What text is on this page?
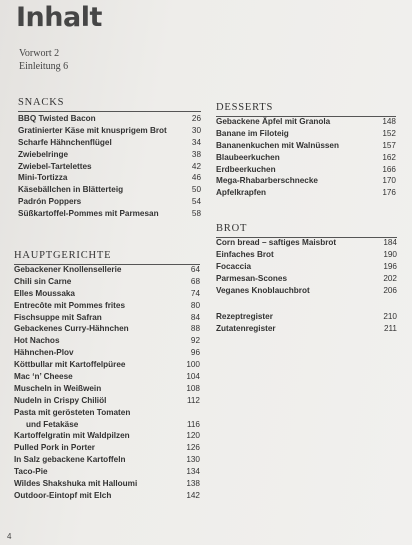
Inhalt
Vorwort 2
Einleitung 6
SNACKS
BBQ Twisted Bacon	26
Gratinierter Käse mit knusprigem Brot	30
Scharfe Hähnchenflügel	34
Zwiebelringe	38
Zwiebel-Tartelettes	42
Mini-Tortizza	46
Käsebällchen in Blätterteig	50
Padrón Poppers	54
Süßkartoffel-Pommes mit Parmesan	58
HAUPTGERICHTE
Gebackener Knollensellerie	64
Chili sin Carne	68
Elles Moussaka	74
Entrecôte mit Pommes frites	80
Fischsuppe mit Safran	84
Gebackenes Curry-Hähnchen	88
Hot Nachos	92
Hähnchen-Plov	96
Köttbullar mit Kartoffelpüree	100
Mac ‘n’ Cheese	104
Muscheln in Weißwein	108
Nudeln in Crispy Chiliöl	112
Pasta mit gerösteten Tomaten
und Fetakäse	116
Kartoffelgratin mit Waldpilzen	120
Pulled Pork in Porter	126
In Salz gebackene Kartoffeln	130
Taco-Pie	134
Wildes Shakshuka mit Halloumi	138
Outdoor-Eintopf mit Elch	142
DESSERTS
Gebackene Äpfel mit Granola	148
Banane im Filoteig	152
Bananenkuchen mit Walnüssen	157
Blaubeerkuchen	162
Erdbeerkuchen	166
Mega-Rhabarberschnecke	170
Apfelkrapfen	176
BROT
Corn bread – saftiges Maisbrot	184
Einfaches Brot	190
Focaccia	196
Parmesan-Scones	202
Veganes Knoblauchbrot	206
Rezeptregister	210
Zutatenregister	211
4
